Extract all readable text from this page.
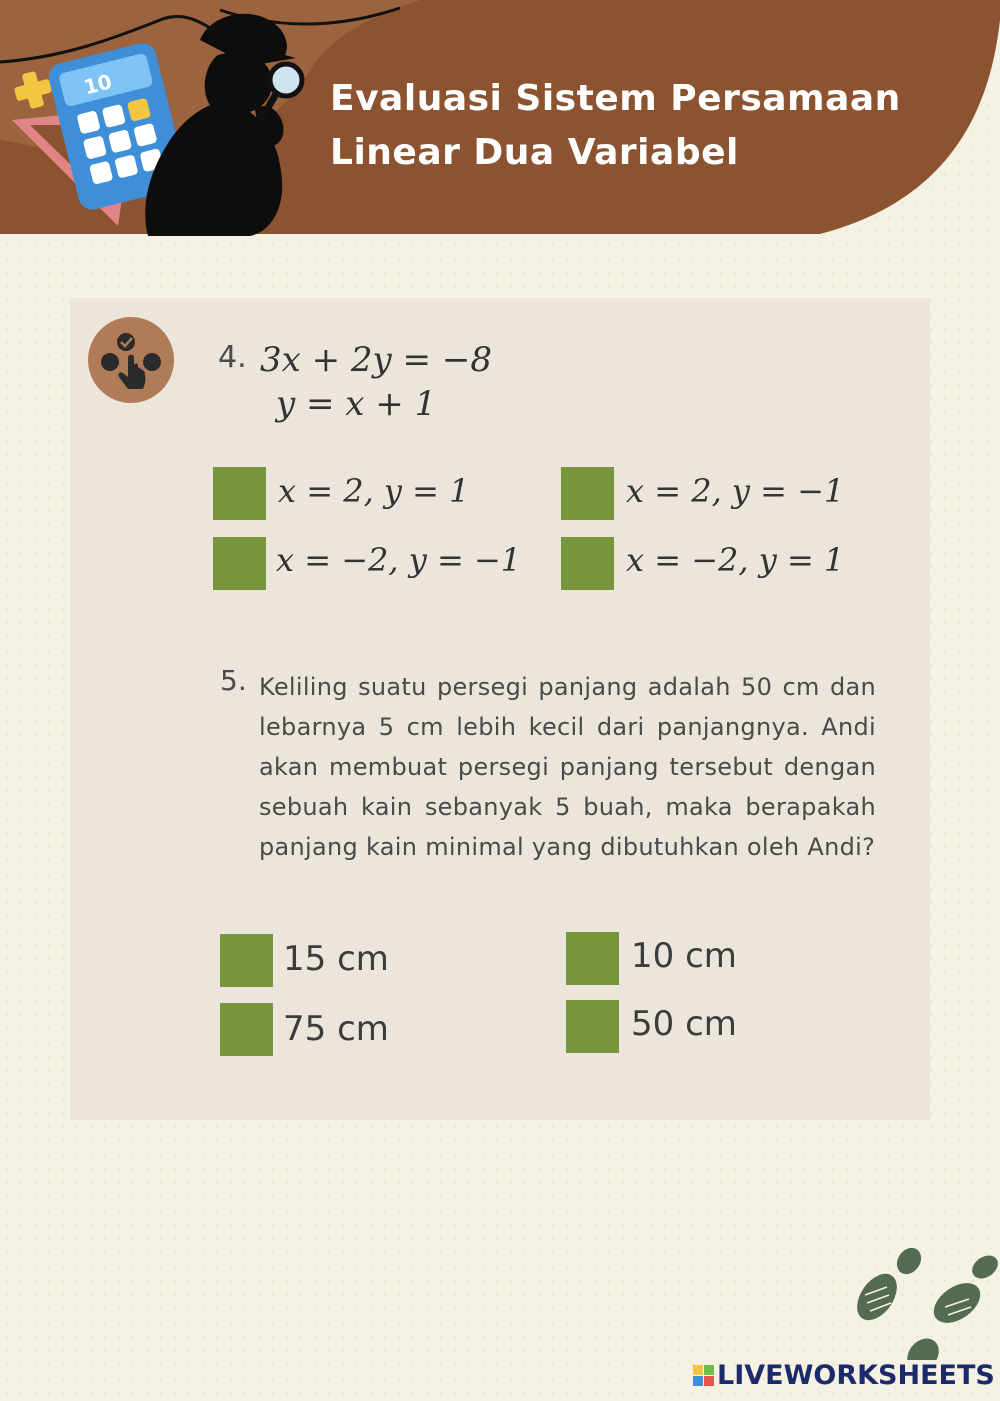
10	Evaluasi Sistem Persamaan
Linear Dua Variabel
4. 3x + 2y = −8
y = x + 1
x = 2, y = 1	x = 2, y = −1
x = −2, y = −1	x = −2, y = 1
5. Keliling suatu persegi panjang adalah 50 cm dan lebarnya 5 cm lebih kecil dari panjangnya. Andi akan membuat persegi panjang tersebut dengan sebuah kain sebanyak 5 buah, maka berapakah panjang kain minimal yang dibutuhkan oleh Andi?

15 cm	10 cm
75 cm	50 cm
LIVEWORKSHEETS
